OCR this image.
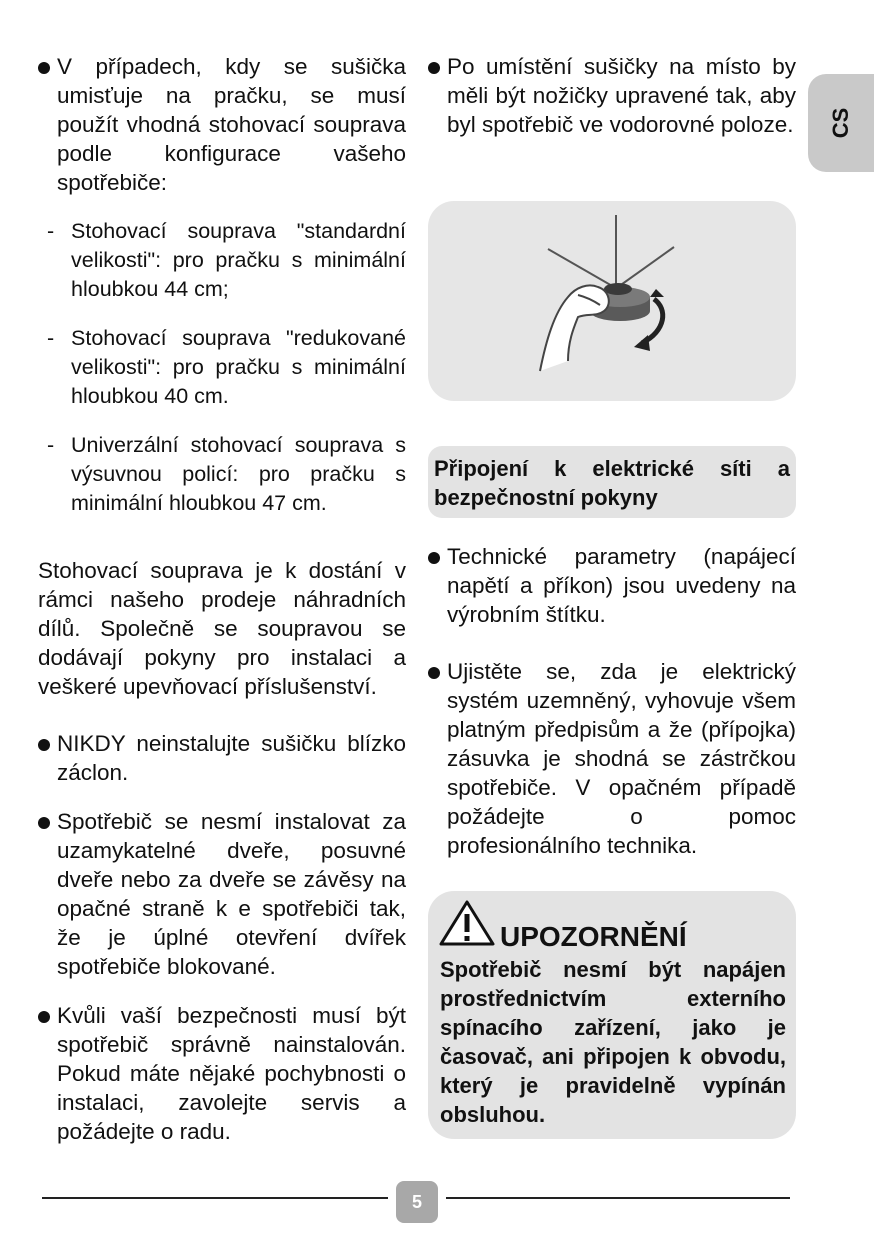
CS

V případech, kdy se sušička umisťuje na pračku, se musí použít vhodná stohovací souprava podle konfigurace vašeho spotřebiče:

- Stohovací souprava "standardní velikosti": pro pračku s minimální hloubkou 44 cm;

- Stohovací souprava "redukované velikosti": pro pračku s minimální hloubkou 40 cm.

- Univerzální stohovací souprava s výsuvnou policí: pro pračku s minimální hloubkou 47 cm.

Stohovací souprava je k dostání v rámci našeho prodeje náhradních dílů. Společně se soupravou se dodávají pokyny pro instalaci a veškeré upevňovací příslušenství.

NIKDY neinstalujte sušičku blízko záclon.

Spotřebič se nesmí instalovat za uzamykatelné dveře, posuvné dveře nebo za dveře se závěsy na opačné straně k e spotřebiči tak, že je úplné otevření dvířek spotřebiče blokované.

Kvůli vaší bezpečnosti musí být spotřebič správně nainstalován. Pokud máte nějaké pochybnosti o instalaci, zavolejte servis a požádejte o radu.

Po umístění sušičky na místo by měli být nožičky upravené tak, aby byl spotřebič ve vodorovné poloze.

Připojení k elektrické síti a bezpečnostní pokyny

Technické parametry (napájecí napětí a příkon) jsou uvedeny na výrobním štítku.

Ujistěte se, zda je elektrický systém uzemněný, vyhovuje všem platným předpisům a že (přípojka) zásuvka je shodná se zástrčkou spotřebiče. V opačném případě požádejte o pomoc profesionálního technika.

UPOZORNĚNÍ

Spotřebič nesmí být napájen prostřednictvím externího spínacího zařízení, jako je časovač, ani připojen k obvodu, který je pravidelně vypínán obsluhou.

5
